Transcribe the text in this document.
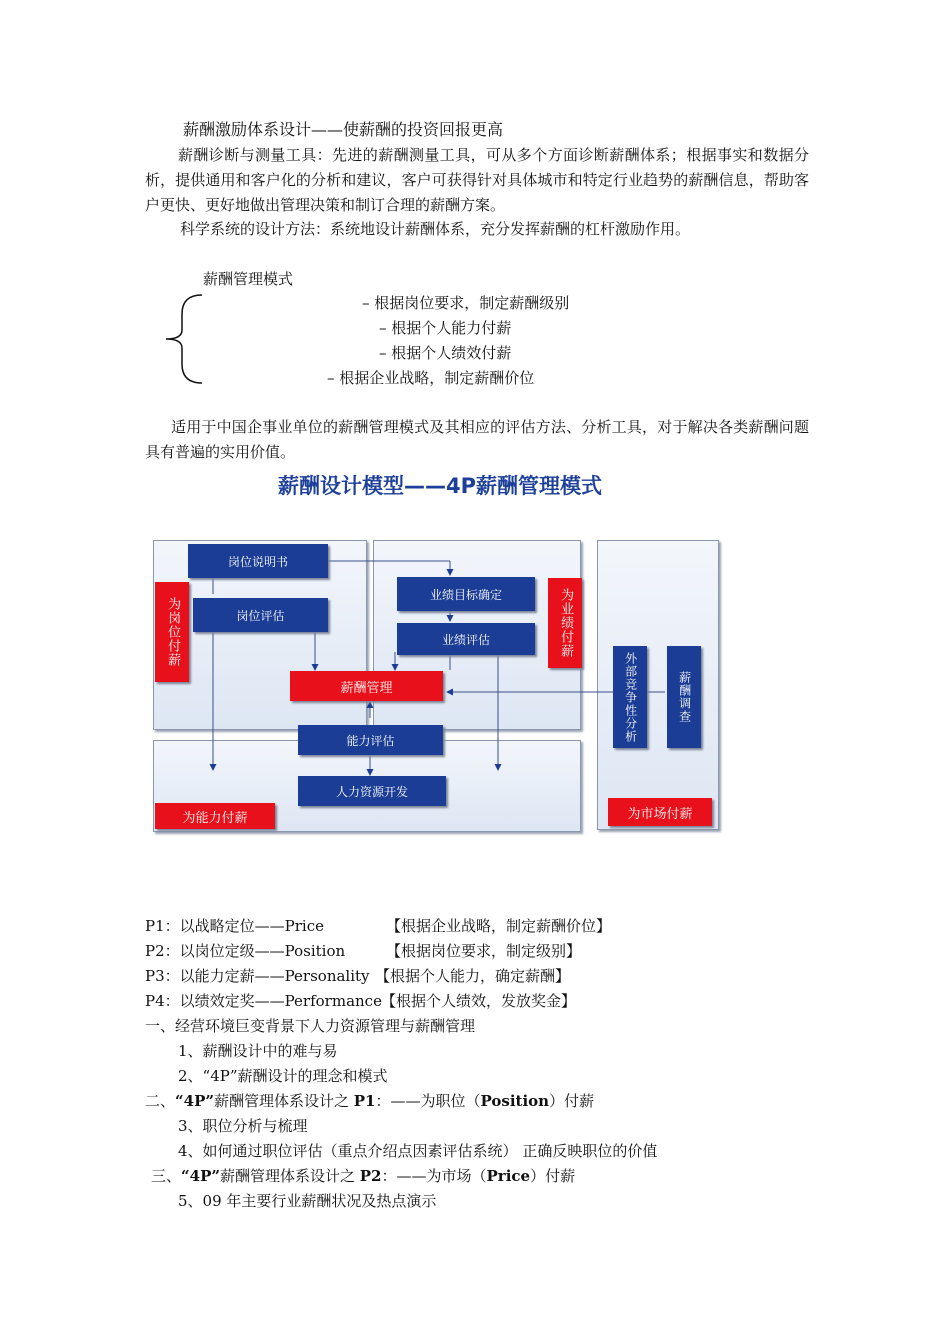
薪酬激励体系设计——使薪酬的投资回报更高
薪酬诊断与测量工具：先进的薪酬测量工具，可从多个方面诊断薪酬体系；根据事实和数据分析，提供通用和客户化的分析和建议，客户可获得针对具体城市和特定行业趋势的薪酬信息，帮助客户更快、更好地做出管理决策和制订合理的薪酬方案。
科学系统的设计方法：系统地设计薪酬体系，充分发挥薪酬的杠杆激励作用。
薪酬管理模式
– 根据岗位要求，制定薪酬级别
– 根据个人能力付薪
– 根据个人绩效付薪
– 根据企业战略，制定薪酬价位
适用于中国企事业单位的薪酬管理模式及其相应的评估方法、分析工具，对于解决各类薪酬问题具有普遍的实用价值。
薪酬设计模型——4P薪酬管理模式
岗位说明书
岗位评估
业绩目标确定
业绩评估
薪酬管理
能力评估
人力资源开发
为岗位付薪	为业绩付薪
为能力付薪	为市场付薪
外部竞争性分析	薪酬调查
P1：以战略定位——Price	【根据企业战略，制定薪酬价位】
P2：以岗位定级——Position	【根据岗位要求，制定级别】
P3：以能力定薪——Personality 【根据个人能力，确定薪酬】
P4：以绩效定奖——Performance 【根据个人绩效，发放奖金】
一、经营环境巨变背景下人力资源管理与薪酬管理
1、薪酬设计中的难与易
2、“4P”薪酬设计的理念和模式
二、“4P”薪酬管理体系设计之 P1：——为职位（Position）付薪
3、职位分析与梳理
4、如何通过职位评估（重点介绍点因素评估系统） 正确反映职位的价值
三、“4P”薪酬管理体系设计之 P2：——为市场（Price）付薪
5、09 年主要行业薪酬状况及热点演示
